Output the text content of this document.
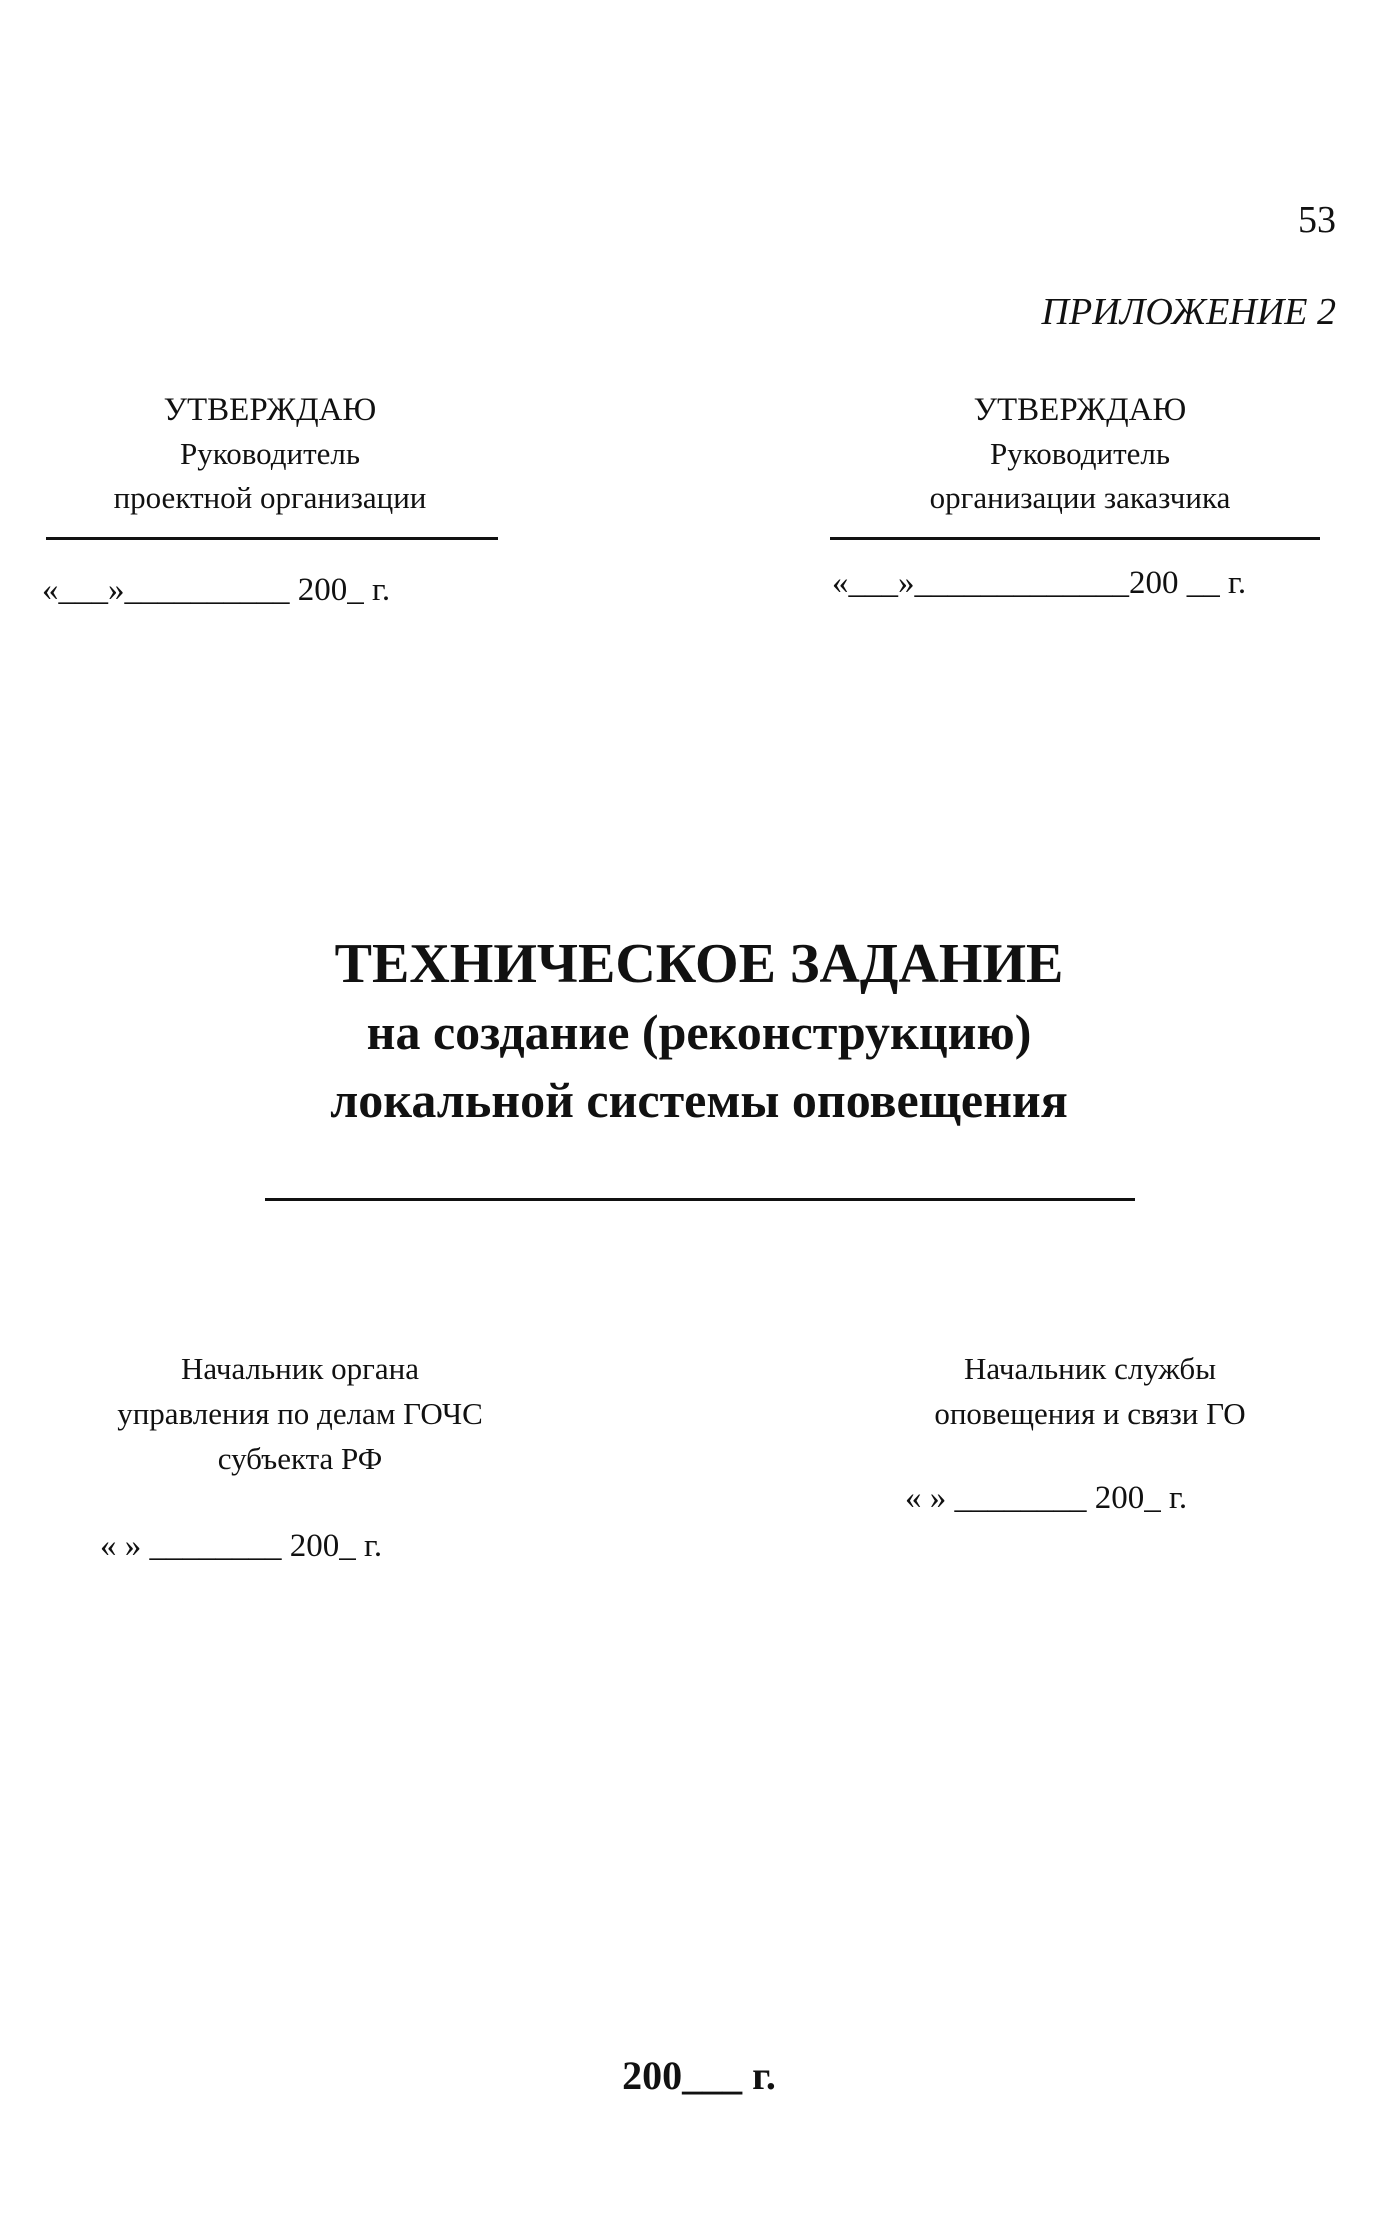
53
ПРИЛОЖЕНИЕ 2
УТВЕРЖДАЮ
Руководитель
проектной организации
«___»__________ 200_ г.
УТВЕРЖДАЮ
Руководитель
организации заказчика
«___»_____________200 __ г.
ТЕХНИЧЕСКОЕ ЗАДАНИЕ
на создание (реконструкцию)
локальной системы оповещения
Начальник органа
управления по делам ГОЧС
субъекта РФ
« » ________ 200_ г.
Начальник службы
оповещения и связи ГО
« » ________ 200_ г.
200___ г.
